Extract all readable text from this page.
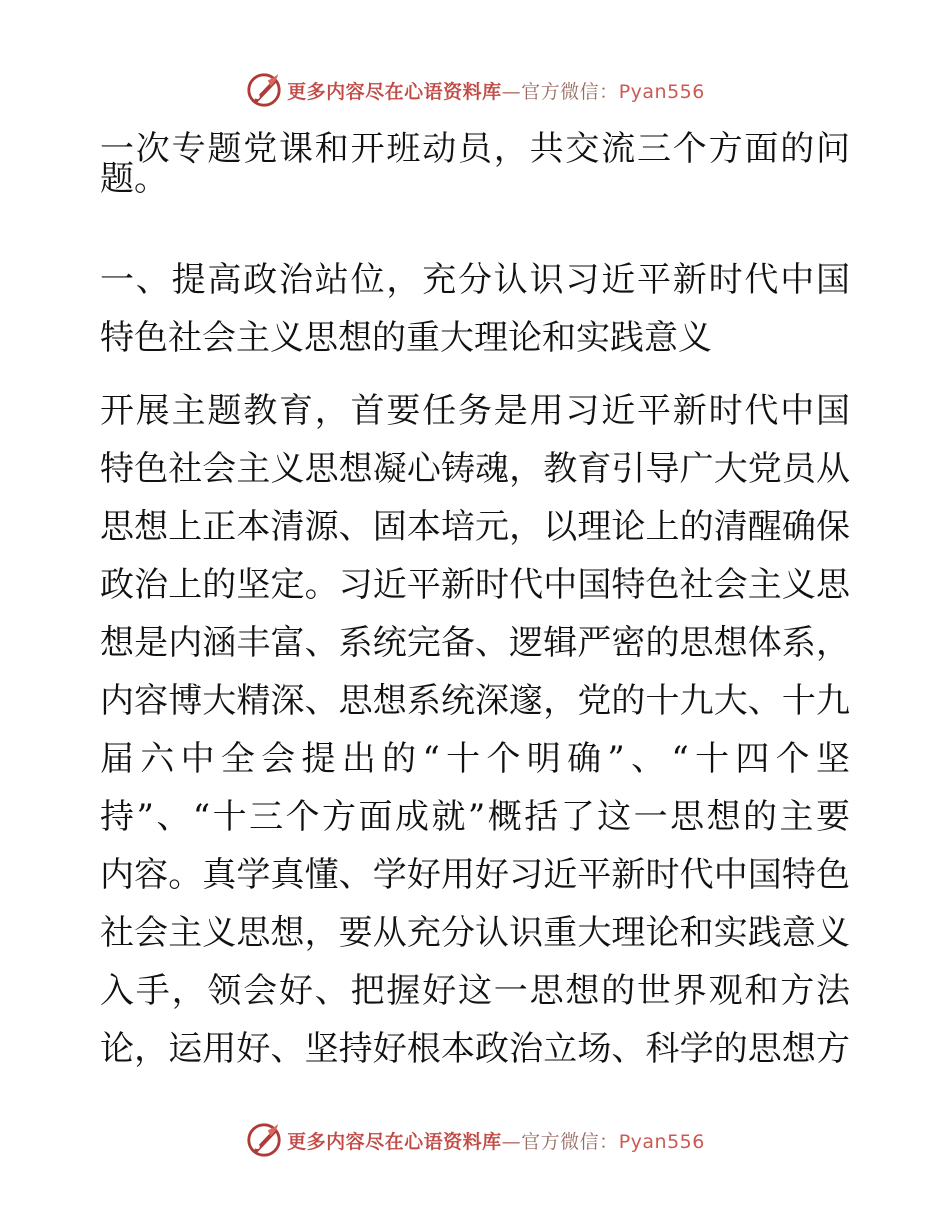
更多内容尽在心语资料库—官方微信：Pyan556
一次专题党课和开班动员，共交流三个方面的问
题。
一、提高政治站位，充分认识习近平新时代中国
特色社会主义思想的重大理论和实践意义
开展主题教育，首要任务是用习近平新时代中国
特色社会主义思想凝心铸魂，教育引导广大党员从
思想上正本清源、固本培元，以理论上的清醒确保
政治上的坚定。习近平新时代中国特色社会主义思
想是内涵丰富、系统完备、逻辑严密的思想体系，
内容博大精深、思想系统深邃，党的十九大、十九
届六中全会提出的“十个明确”、“十四个坚
持”、“十三个方面成就”概括了这一思想的主要
内容。真学真懂、学好用好习近平新时代中国特色
社会主义思想，要从充分认识重大理论和实践意义
入手，领会好、把握好这一思想的世界观和方法
论，运用好、坚持好根本政治立场、科学的思想方
更多内容尽在心语资料库—官方微信：Pyan556
